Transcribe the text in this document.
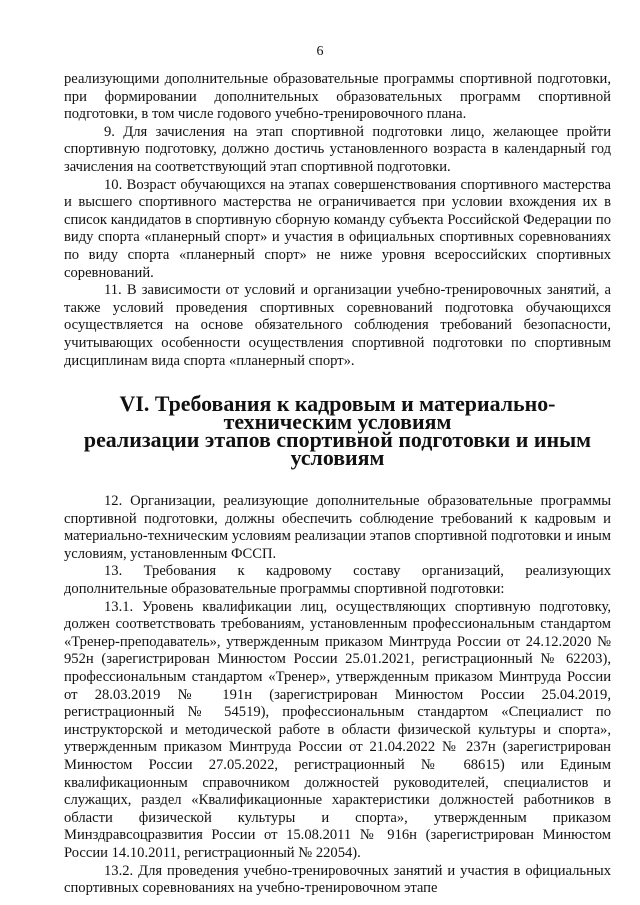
6

реализующими дополнительные образовательные программы спортивной подготовки, при формировании дополнительных образовательных программ спортивной подготовки, в том числе годового учебно-тренировочного плана.

9. Для зачисления на этап спортивной подготовки лицо, желающее пройти спортивную подготовку, должно достичь установленного возраста в календарный год зачисления на соответствующий этап спортивной подготовки.

10. Возраст обучающихся на этапах совершенствования спортивного мастерства и высшего спортивного мастерства не ограничивается при условии вхождения их в список кандидатов в спортивную сборную команду субъекта Российской Федерации по виду спорта «планерный спорт» и участия в официальных спортивных соревнованиях по виду спорта «планерный спорт» не ниже уровня всероссийских спортивных соревнований.

11. В зависимости от условий и организации учебно-тренировочных занятий, а также условий проведения спортивных соревнований подготовка обучающихся осуществляется на основе обязательного соблюдения требований безопасности, учитывающих особенности осуществления спортивной подготовки по спортивным дисциплинам вида спорта «планерный спорт».

VI. Требования к кадровым и материально-техническим условиям
реализации этапов спортивной подготовки и иным условиям

12. Организации, реализующие дополнительные образовательные программы спортивной подготовки, должны обеспечить соблюдение требований к кадровым и материально-техническим условиям реализации этапов спортивной подготовки и иным условиям, установленным ФССП.

13. Требования к кадровому составу организаций, реализующих дополнительные образовательные программы спортивной подготовки:

13.1. Уровень квалификации лиц, осуществляющих спортивную подготовку, должен соответствовать требованиям, установленным профессиональным стандартом «Тренер-преподаватель», утвержденным приказом Минтруда России от 24.12.2020 № 952н (зарегистрирован Минюстом России 25.01.2021, регистрационный № 62203), профессиональным стандартом «Тренер», утвержденным приказом Минтруда России от 28.03.2019 № 191н (зарегистрирован Минюстом России 25.04.2019, регистрационный № 54519), профессиональным стандартом «Специалист по инструкторской и методической работе в области физической культуры и спорта», утвержденным приказом Минтруда России от 21.04.2022 № 237н (зарегистрирован Минюстом России 27.05.2022, регистрационный № 68615) или Единым квалификационным справочником должностей руководителей, специалистов и служащих, раздел «Квалификационные характеристики должностей работников в области физической культуры и спорта», утвержденным приказом Минздравсоцразвития России от 15.08.2011 № 916н (зарегистрирован Минюстом России 14.10.2011, регистрационный № 22054).

13.2. Для проведения учебно-тренировочных занятий и участия в официальных спортивных соревнованиях на учебно-тренировочном этапе
